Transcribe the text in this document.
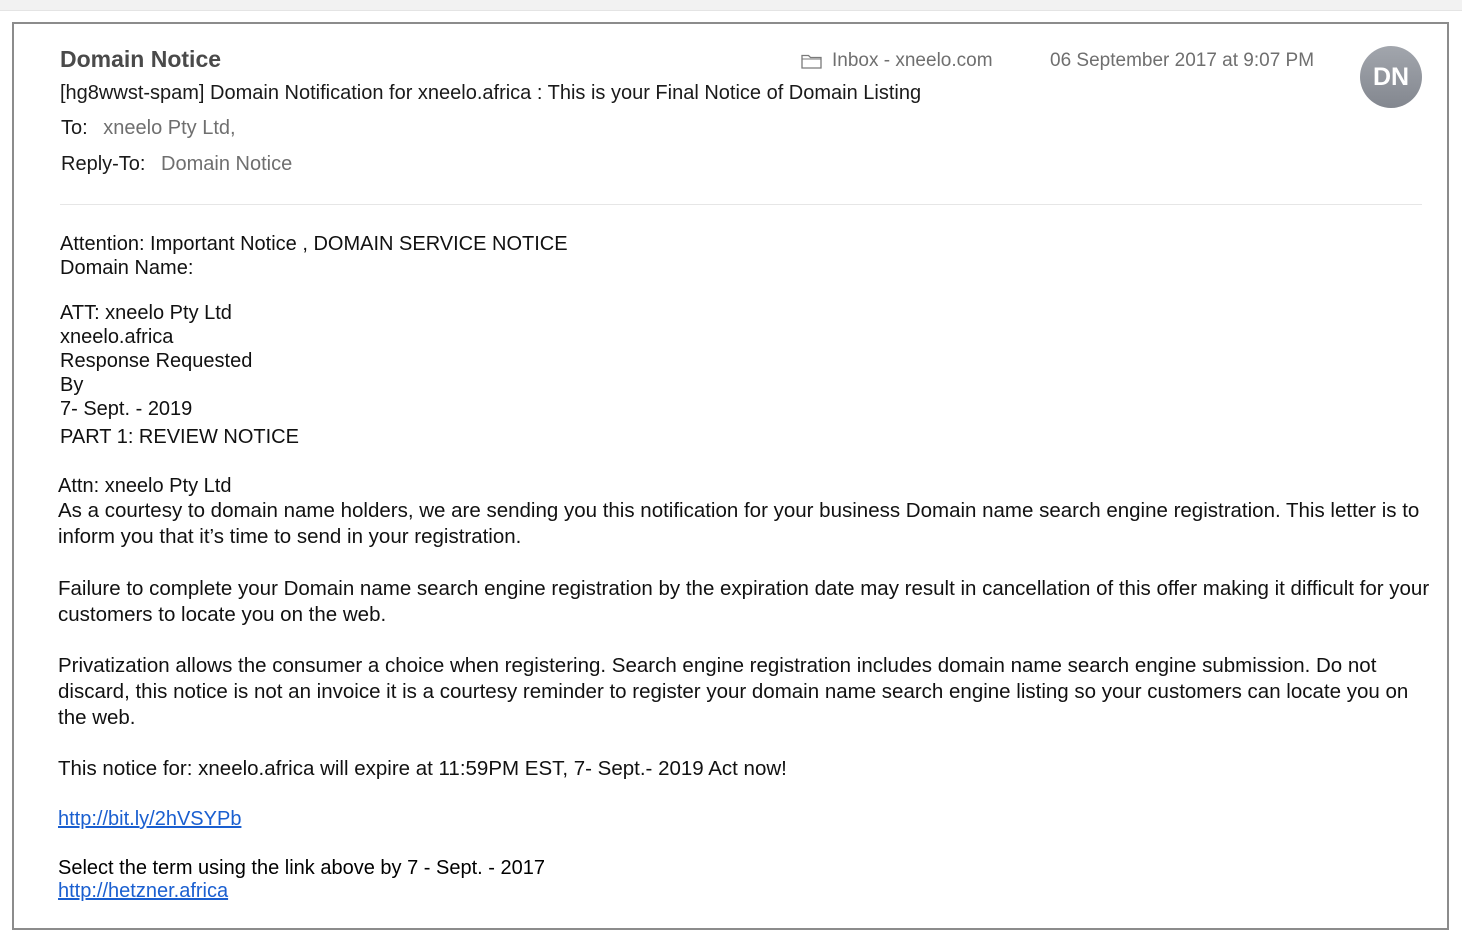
Domain Notice	Inbox - xneelo.com	06 September 2017 at 9:07 PM
DN
[hg8wwst-spam] Domain Notification for xneelo.africa : This is your Final Notice of Domain Listing
To: xneelo Pty Ltd,
Reply-To: Domain Notice
Attention: Important Notice , DOMAIN SERVICE NOTICE
Domain Name:
ATT: xneelo Pty Ltd
xneelo.africa
Response Requested
By
7- Sept. - 2019
PART 1: REVIEW NOTICE
Attn: xneelo Pty Ltd
As a courtesy to domain name holders, we are sending you this notification for your business Domain name search engine registration. This letter is to inform you that it’s time to send in your registration.
Failure to complete your Domain name search engine registration by the expiration date may result in cancellation of this offer making it difficult for your customers to locate you on the web.
Privatization allows the consumer a choice when registering. Search engine registration includes domain name search engine submission. Do not discard, this notice is not an invoice it is a courtesy reminder to register your domain name search engine listing so your customers can locate you on the web.
This notice for: xneelo.africa will expire at 11:59PM EST, 7- Sept.- 2019 Act now!
http://bit.ly/2hVSYPb
Select the term using the link above by 7 - Sept. - 2017
http://hetzner.africa
